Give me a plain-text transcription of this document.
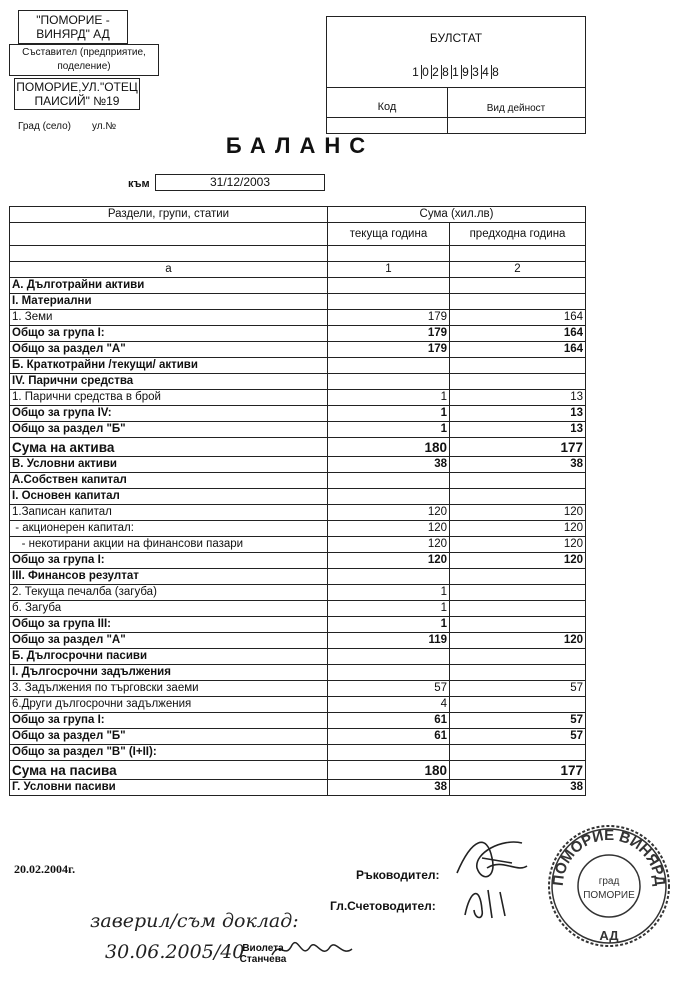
"ПОМОРИЕ - ВИНЯРД" АД
Съставител (предприятие, поделение)
ПОМОРИЕ,УЛ."ОТЕЦ ПАИСИЙ" №19
Град (село) ул.№
БУЛСТАТ
1 0 2 8 1 9 3 4 8
Код	Вид дейност
БАЛАНС
към	31/12/2003
Раздели, групи, статии	Сума (хил.лв)	
	текуща година	предходна година

а	1	2
А. Дълготрайни активи		
I. Материални		
1. Земи	179	164
Общо за група I:	179	164
Общо за раздел "А"	179	164
Б. Краткотрайни /текущи/ активи		
IV. Парични средства		
1. Парични средства в брой	1	13
Общо за група IV:	1	13
Общо за раздел "Б"	1	13
Сума на актива	180	177
В. Условни активи	38	38
А.Собствен капитал		
I. Основен капитал		
1.Записан капитал	120	120
- акционерен капитал:	120	120
- некотирани акции на финансови пазари	120	120
Общо за група I:	120	120
III. Финансов резултат		
2. Текуща печалба (загуба)	1	
б. Загуба	1	
Общо за група III:	1	
Общо за раздел "А"	119	120
Б. Дългосрочни пасиви		
I. Дългосрочни задължения		
3. Задължения по търговски заеми	57	57
6.Други дългосрочни задължения	4	
Общо за група I:	61	57
Общо за раздел "Б"	61	57
Общо за раздел "В" (I+II):		
Сума на пасива	180	177
Г. Условни пасиви	38	38
20.02.2004г.	Ръководител:
Гл.Счетоводител:
заверил/съм доклад:
30.06.2005/40
Виолета Станчева
ПОМОРИЕ ВИНЯРД
град
ПОМОРИЕ
АД
